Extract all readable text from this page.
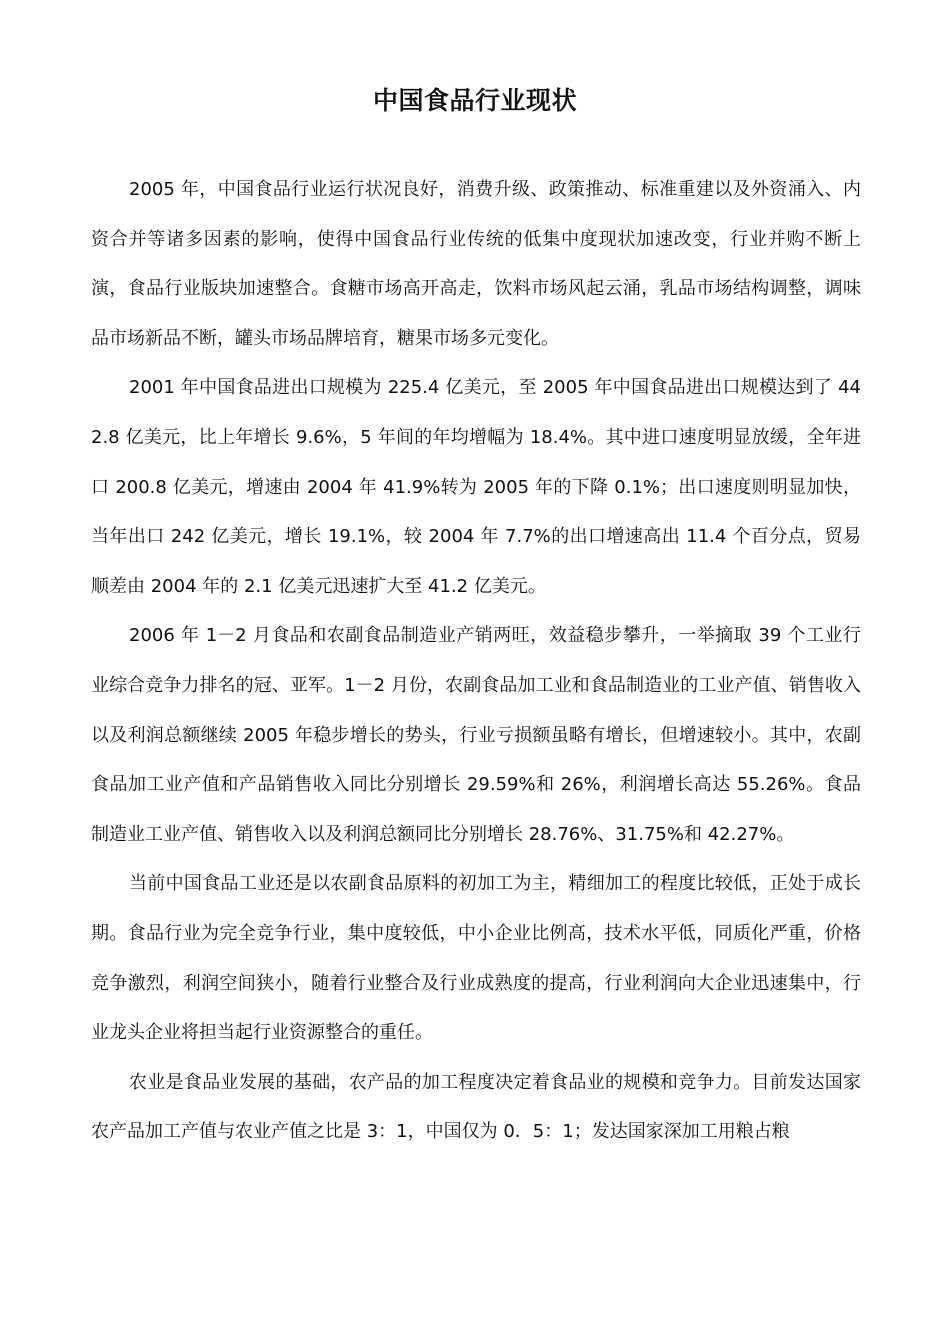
中国食品行业现状

2005 年，中国食品行业运行状况良好，消费升级、政策推动、标准重建以及外资涌入、内资合并等诸多因素的影响，使得中国食品行业传统的低集中度现状加速改变，行业并购不断上演，食品行业版块加速整合。食糖市场高开高走，饮料市场风起云涌，乳品市场结构调整，调味品市场新品不断，罐头市场品牌培育，糖果市场多元变化。

2001 年中国食品进出口规模为 225.4 亿美元，至 2005 年中国食品进出口规模达到了 442.8 亿美元，比上年增长 9.6%，5 年间的年均增幅为 18.4%。其中进口速度明显放缓，全年进口 200.8 亿美元，增速由 2004 年 41.9%转为 2005 年的下降 0.1%；出口速度则明显加快，当年出口 242 亿美元，增长 19.1%，较 2004 年 7.7%的出口增速高出 11.4 个百分点，贸易顺差由 2004 年的 2.1 亿美元迅速扩大至 41.2 亿美元。

2006 年 1－2 月食品和农副食品制造业产销两旺，效益稳步攀升，一举摘取 39 个工业行业综合竞争力排名的冠、亚军。1－2 月份，农副食品加工业和食品制造业的工业产值、销售收入以及利润总额继续 2005 年稳步增长的势头，行业亏损额虽略有增长，但增速较小。其中，农副食品加工业产值和产品销售收入同比分别增长 29.59%和 26%，利润增长高达 55.26%。食品制造业工业产值、销售收入以及利润总额同比分别增长 28.76%、31.75%和 42.27%。

当前中国食品工业还是以农副食品原料的初加工为主，精细加工的程度比较低，正处于成长期。食品行业为完全竞争行业，集中度较低，中小企业比例高，技术水平低，同质化严重，价格竞争激烈，利润空间狭小，随着行业整合及行业成熟度的提高，行业利润向大企业迅速集中，行业龙头企业将担当起行业资源整合的重任。

农业是食品业发展的基础，农产品的加工程度决定着食品业的规模和竞争力。目前发达国家农产品加工产值与农业产值之比是 3：1，中国仅为 0．5：1；发达国家深加工用粮占粮
